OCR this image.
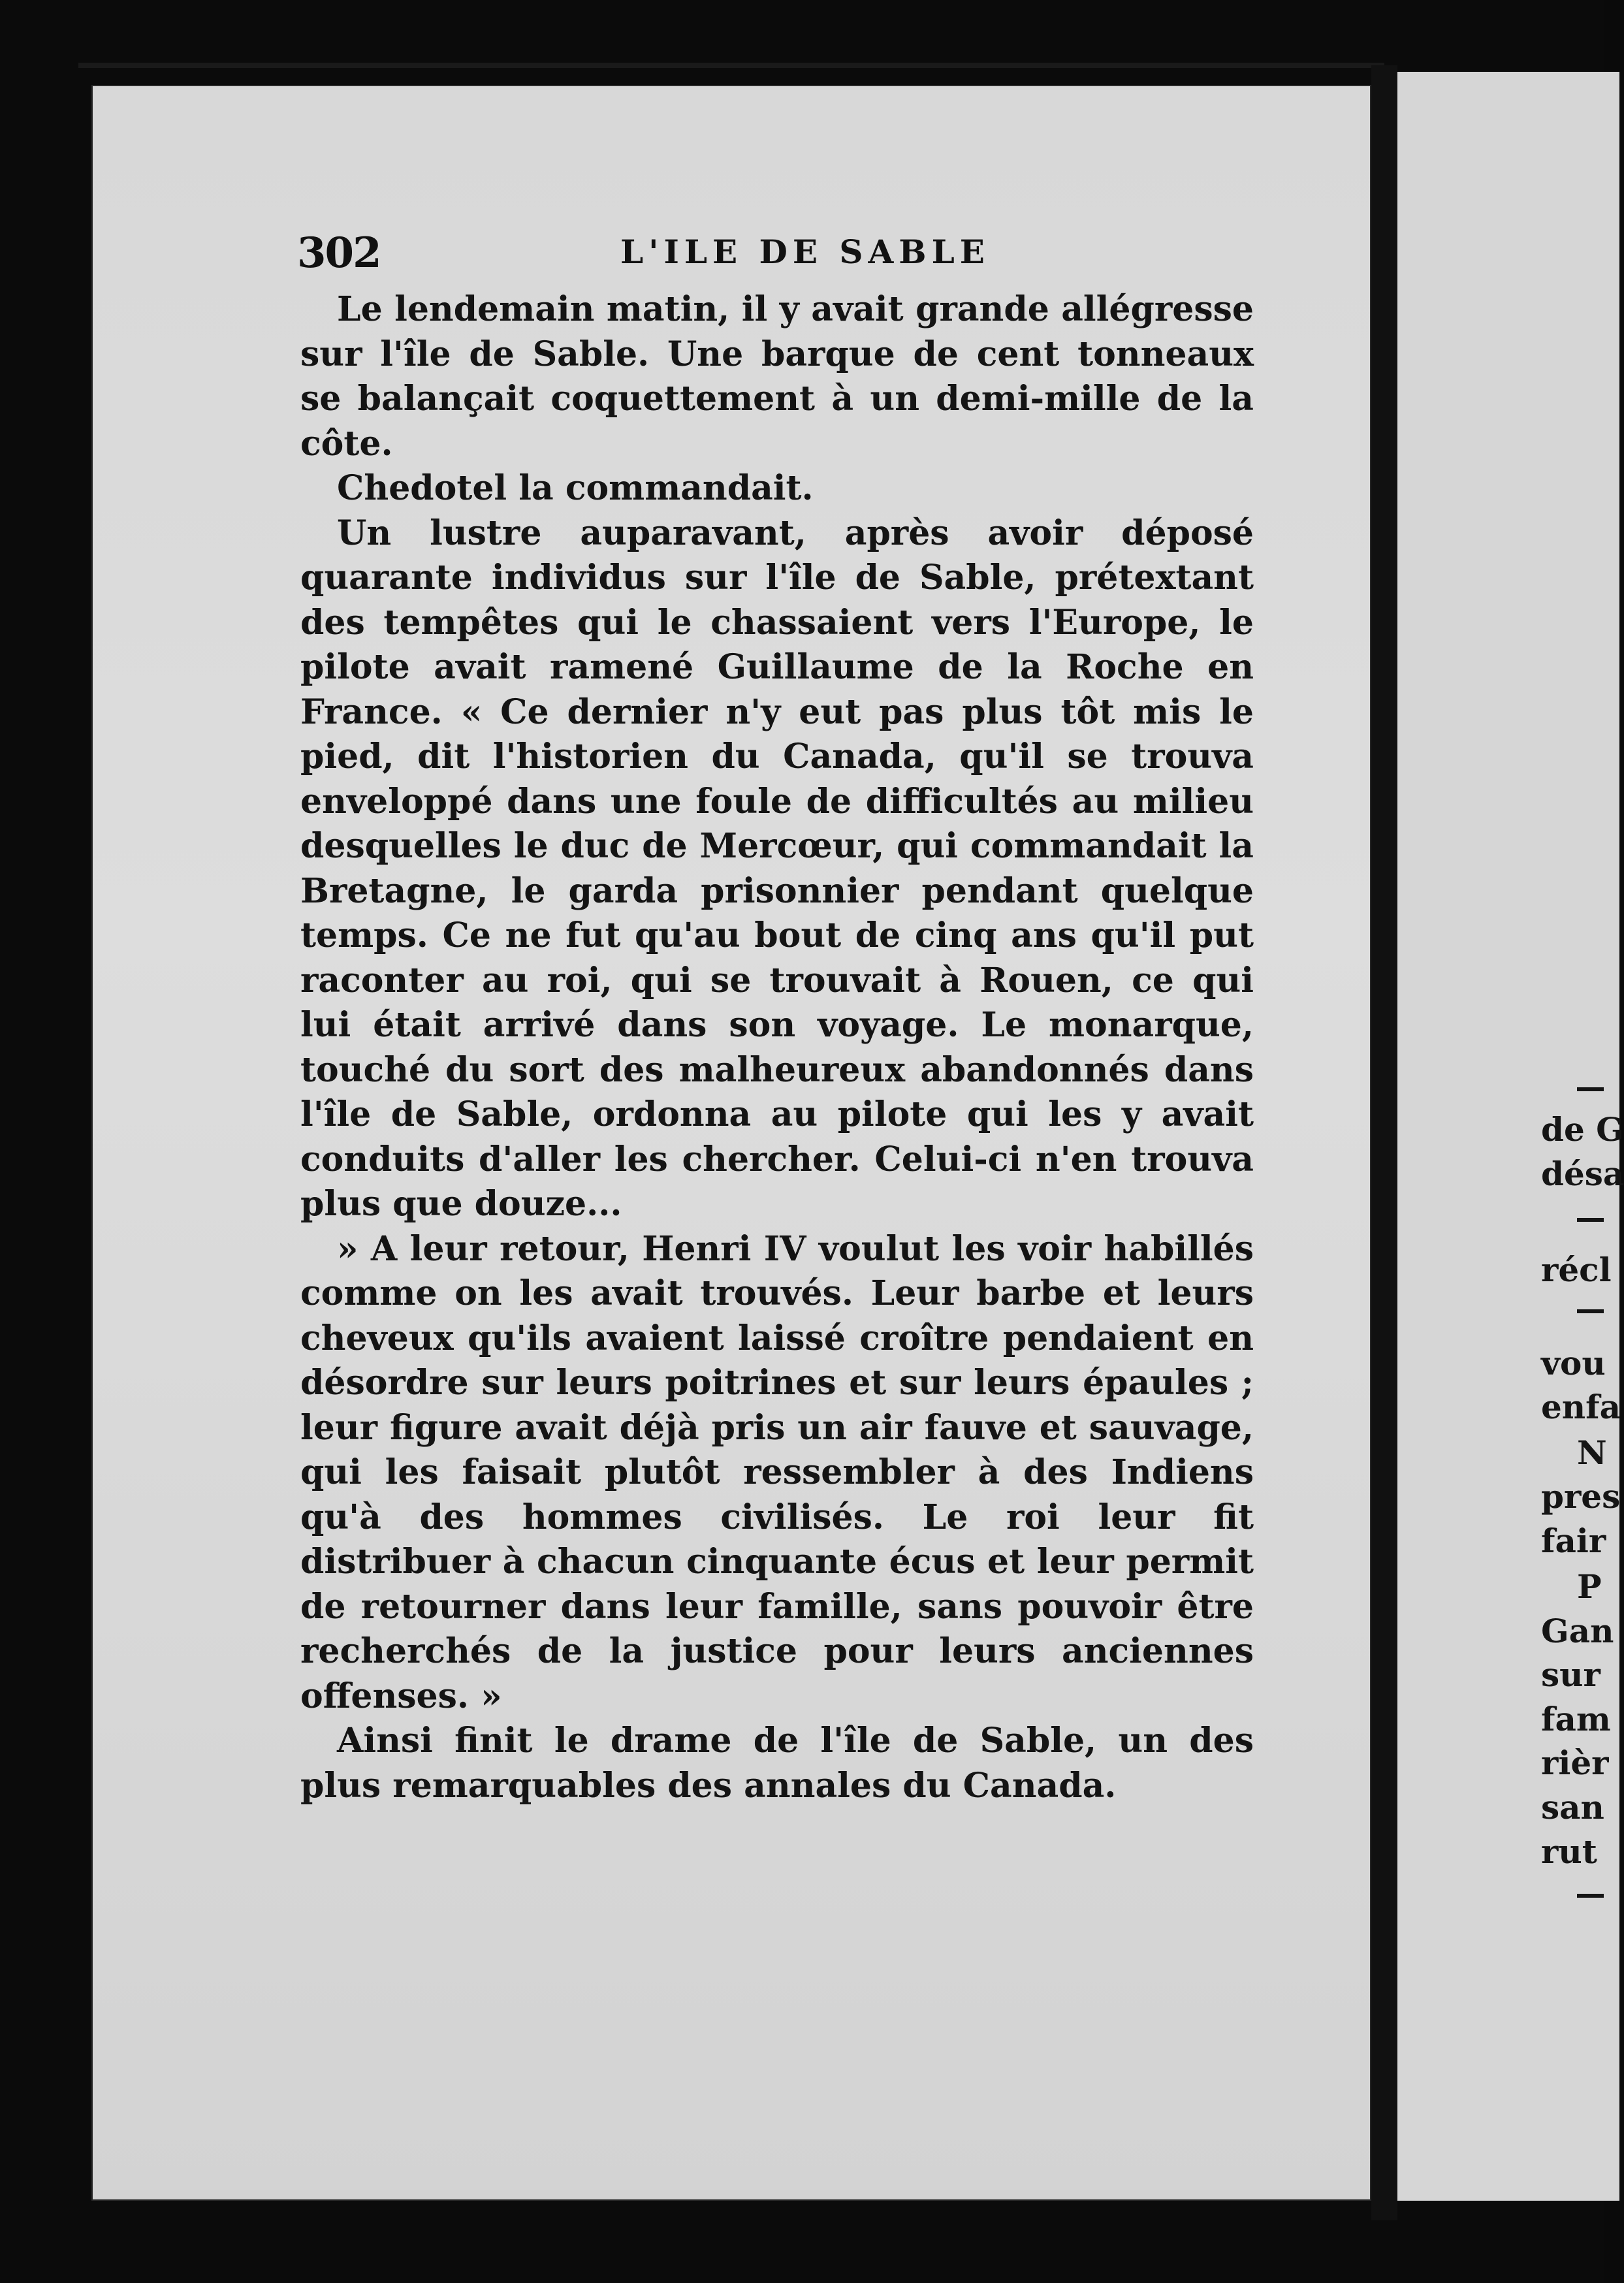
302	L'ILE DE SABLE

Le lendemain matin, il y avait grande allégresse sur l'île de Sable. Une barque de cent tonneaux se balançait coquettement à un demi-mille de la côte.

Chedotel la commandait.

Un lustre auparavant, après avoir déposé quarante individus sur l'île de Sable, prétextant des tempêtes qui le chassaient vers l'Europe, le pilote avait ramené Guillaume de la Roche en France. « Ce dernier n'y eut pas plus tôt mis le pied, dit l'historien du Canada, qu'il se trouva enveloppé dans une foule de difficultés au milieu desquelles le duc de Mercœur, qui commandait la Bretagne, le garda prisonnier pendant quelque temps. Ce ne fut qu'au bout de cinq ans qu'il put raconter au roi, qui se trouvait à Rouen, ce qui lui était arrivé dans son voyage. Le monarque, touché du sort des malheureux abandonnés dans l'île de Sable, ordonna au pilote qui les y avait conduits d'aller les chercher. Celui-ci n'en trouva plus que douze...

» A leur retour, Henri IV voulut les voir habillés comme on les avait trouvés. Leur barbe et leurs cheveux qu'ils avaient laissé croître pendaient en désordre sur leurs poitrines et sur leurs épaules ; leur figure avait déjà pris un air fauve et sauvage, qui les faisait plutôt ressembler à des Indiens qu'à des hommes civilisés. Le roi leur fit distribuer à chacun cinquante écus et leur permit de retourner dans leur famille, sans pouvoir être recherchés de la justice pour leurs anciennes offenses. »

Ainsi finit le drame de l'île de Sable, un des plus remarquables des annales du Canada.

de G
désa
récl
vou
enfa
N
pres
fair
P
Gan
sur
fam
rièr
san
rut
